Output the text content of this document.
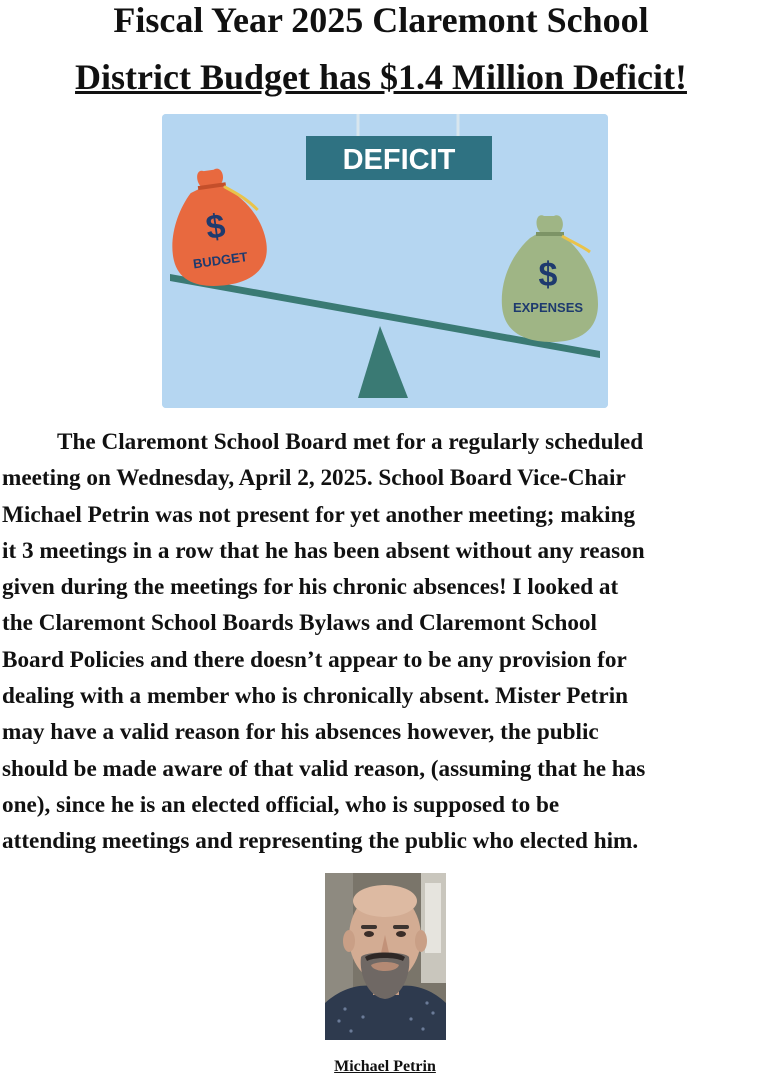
Fiscal Year 2025 Claremont School
District Budget has $1.4 Million Deficit!
DEFICIT
$
BUDGET	$
EXPENSES

The Claremont School Board met for a regularly scheduled
meeting on Wednesday, April 2, 2025. School Board Vice-Chair
Michael Petrin was not present for yet another meeting; making
it 3 meetings in a row that he has been absent without any reason
given during the meetings for his chronic absences! I looked at
the Claremont School Boards Bylaws and Claremont School
Board Policies and there doesn’t appear to be any provision for
dealing with a member who is chronically absent. Mister Petrin
may have a valid reason for his absences however, the public
should be made aware of that valid reason, (assuming that he has
one), since he is an elected official, who is supposed to be
attending meetings and representing the public who elected him.

Michael Petrin
